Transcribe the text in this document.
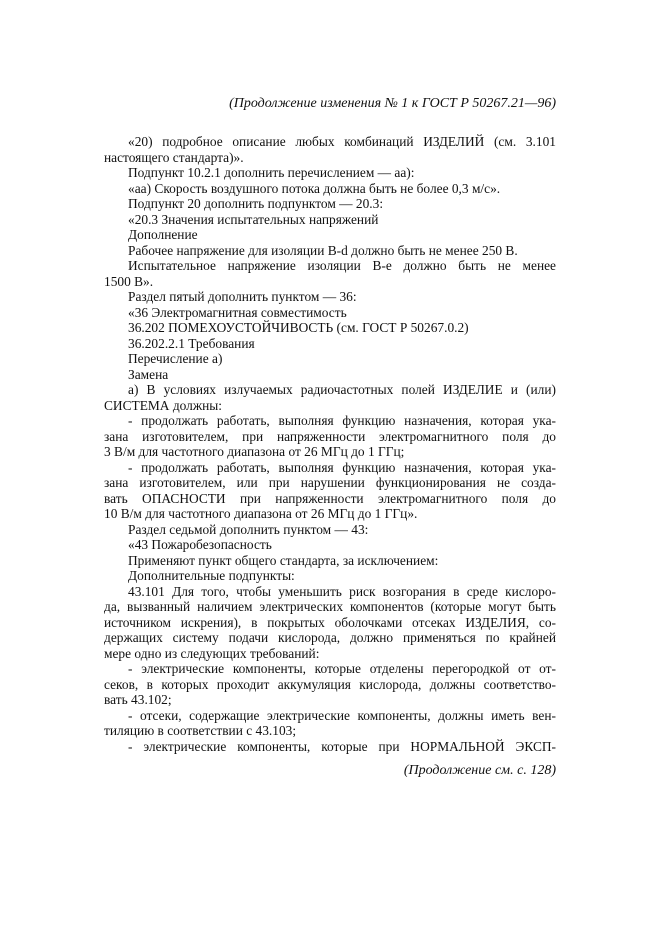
(Продолжение изменения № 1 к ГОСТ Р 50267.21—96)
«20) подробное описание любых комбинаций ИЗДЕЛИЙ (см. 3.101
настоящего стандарта)».
Подпункт 10.2.1 дополнить перечислением — аа):
«аа) Скорость воздушного потока должна быть не более 0,3 м/с».
Подпункт 20 дополнить подпунктом — 20.3:
«20.3 Значения испытательных напряжений
Дополнение
Рабочее напряжение для изоляции B-d должно быть не менее 250 В.
Испытательное напряжение изоляции B-e должно быть не менее
1500 В».
Раздел пятый дополнить пунктом — 36:
«36 Электромагнитная совместимость
36.202 ПОМЕХОУСТОЙЧИВОСТЬ (см. ГОСТ Р 50267.0.2)
36.202.2.1 Требования
Перечисление а)
Замена
а) В условиях излучаемых радиочастотных полей ИЗДЕЛИЕ и (или)
СИСТЕМА должны:
- продолжать работать, выполняя функцию назначения, которая ука-
зана изготовителем, при напряженности электромагнитного поля до
3 В/м для частотного диапазона от 26 МГц до 1 ГГц;
- продолжать работать, выполняя функцию назначения, которая ука-
зана изготовителем, или при нарушении функционирования не созда-
вать ОПАСНОСТИ при напряженности электромагнитного поля до
10 В/м для частотного диапазона от 26 МГц до 1 ГГц».
Раздел седьмой дополнить пунктом — 43:
«43 Пожаробезопасность
Применяют пункт общего стандарта, за исключением:
Дополнительные подпункты:
43.101 Для того, чтобы уменьшить риск возгорания в среде кислоро-
да, вызванный наличием электрических компонентов (которые могут быть
источником искрения), в покрытых оболочками отсеках ИЗДЕЛИЯ, со-
держащих систему подачи кислорода, должно применяться по крайней
мере одно из следующих требований:
- электрические компоненты, которые отделены перегородкой от от-
секов, в которых проходит аккумуляция кислорода, должны соответство-
вать 43.102;
- отсеки, содержащие электрические компоненты, должны иметь вен-
тиляцию в соответствии с 43.103;
- электрические компоненты, которые при НОРМАЛЬНОЙ ЭКСП-
(Продолжение см. с. 128)
